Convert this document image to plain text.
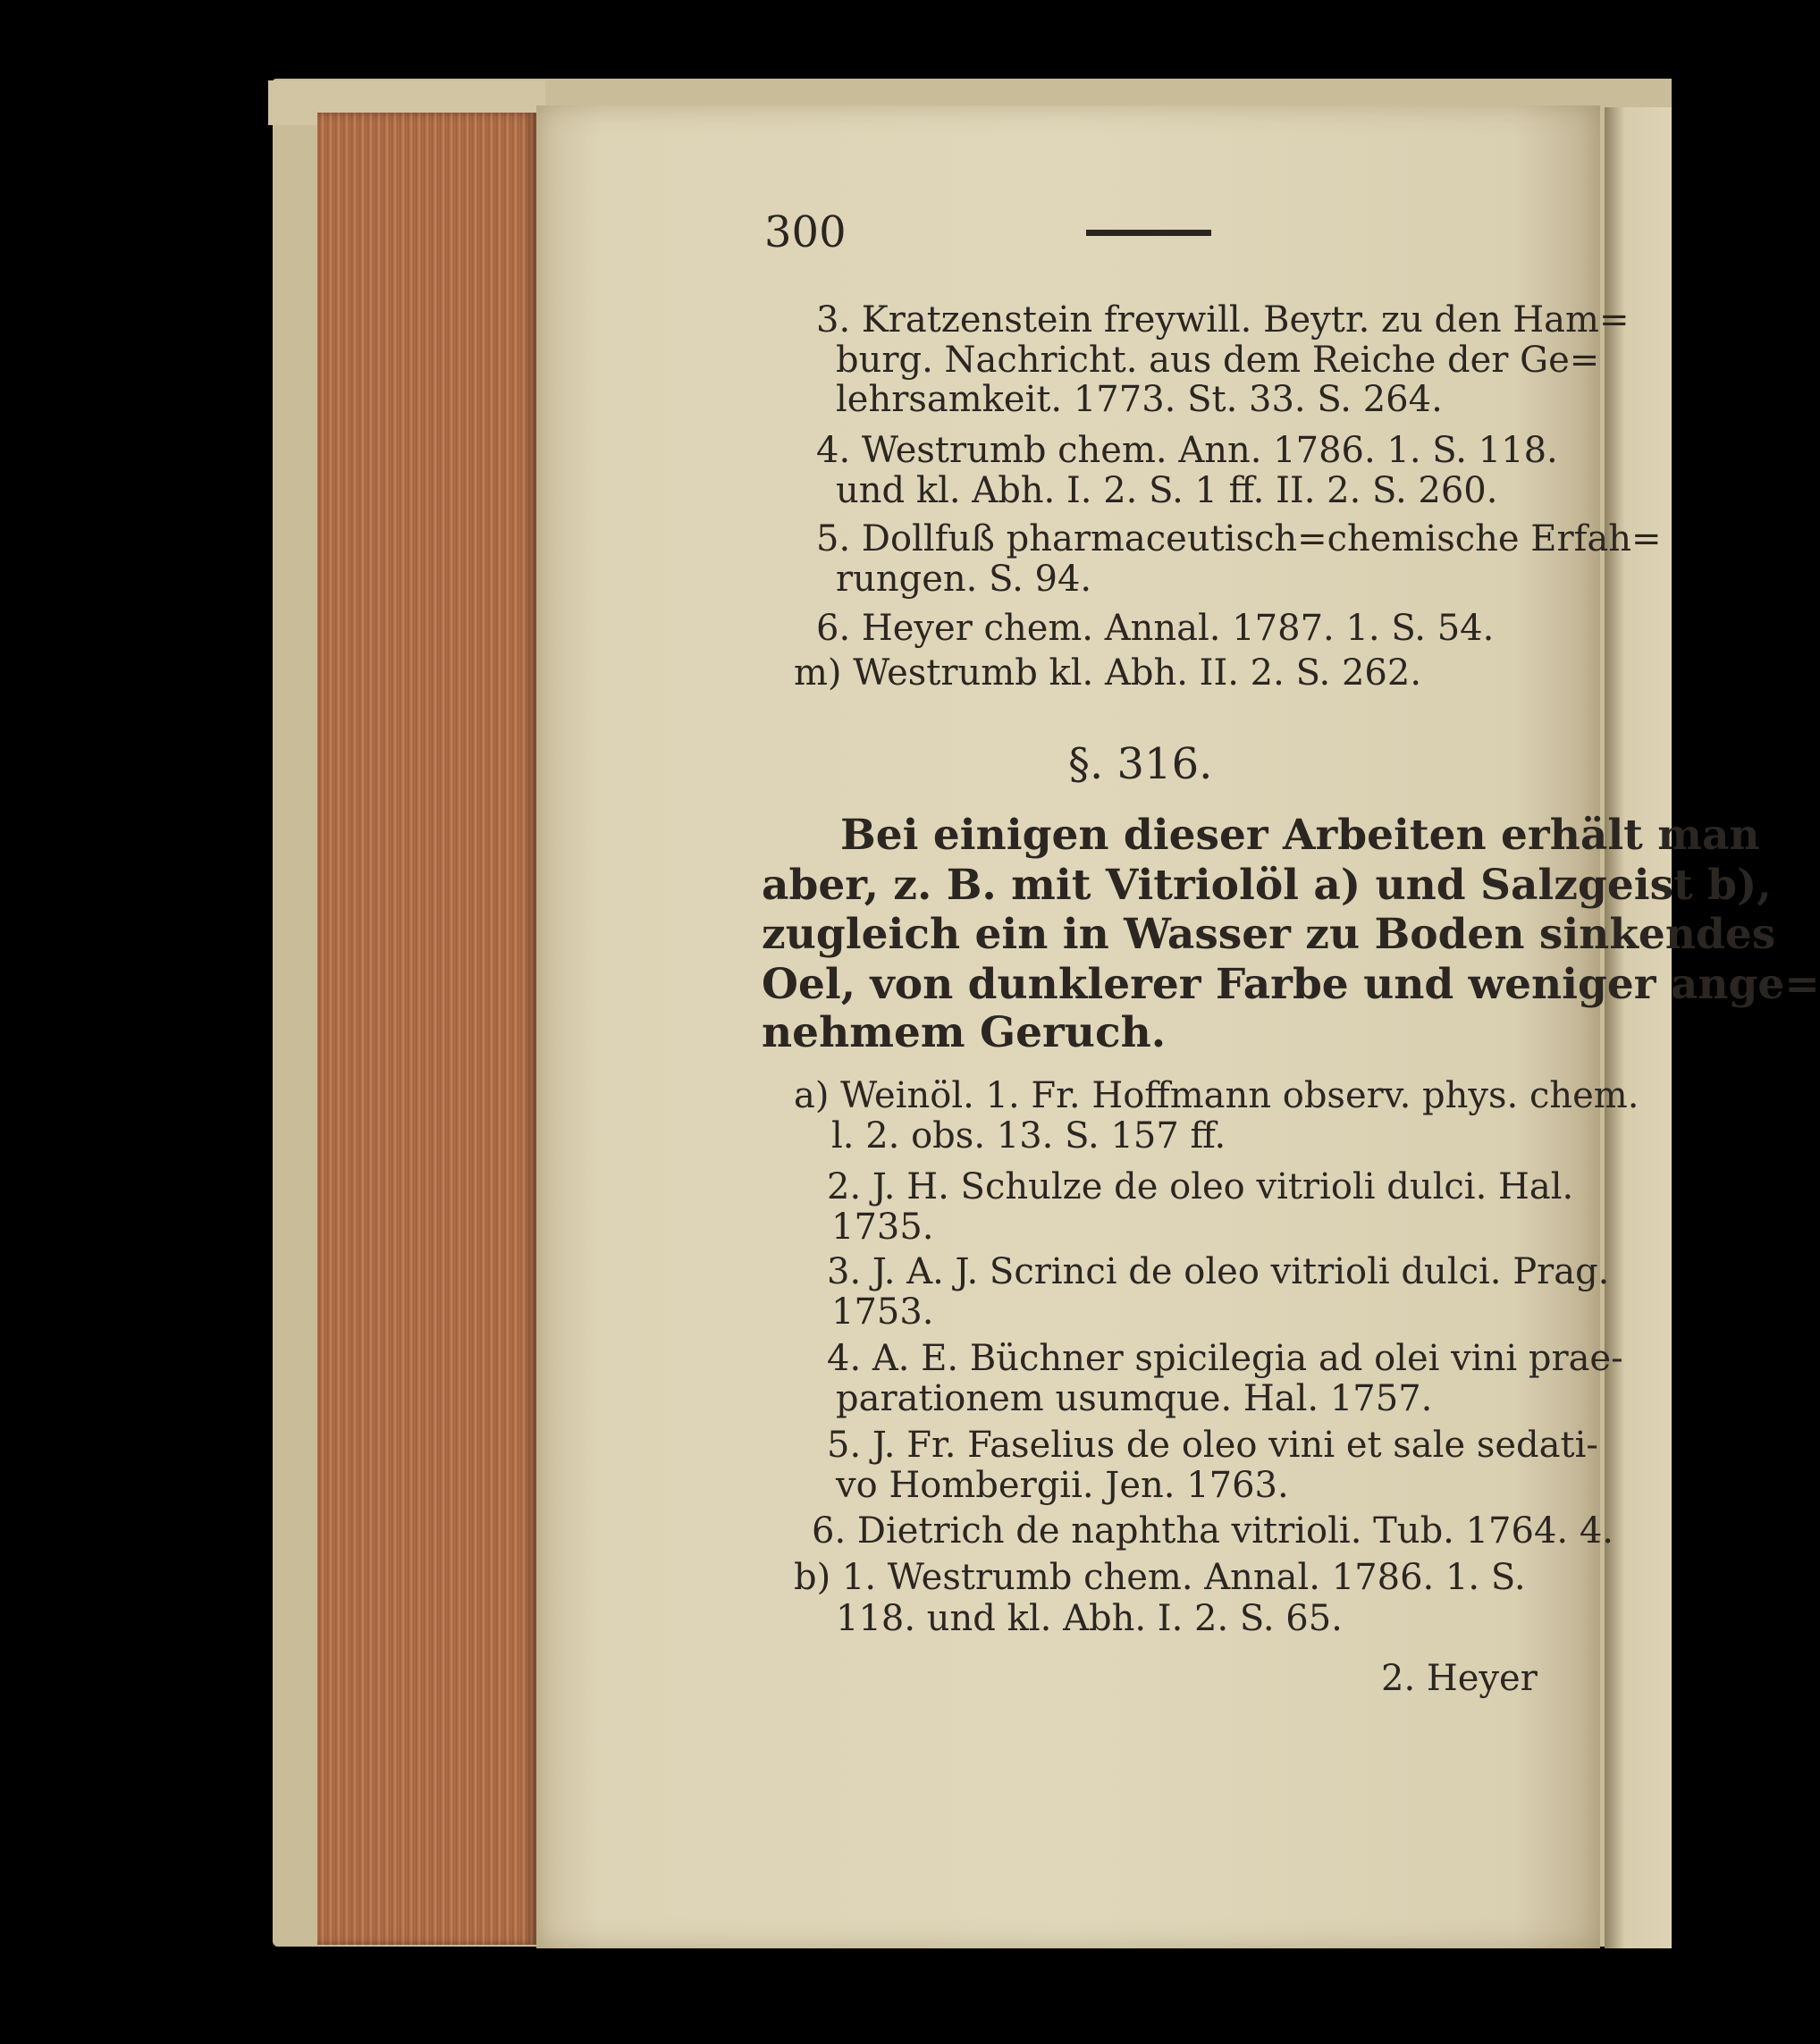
300
3. Kratzenstein freywill. Beytr. zu den Ham=
burg. Nachricht. aus dem Reiche der Ge=
lehrsamkeit. 1773. St. 33. S. 264.
4. Westrumb chem. Ann. 1786. 1. S. 118.
und kl. Abh. I. 2. S. 1 ff. II. 2. S. 260.
5. Dollfuß pharmaceutisch=chemische Erfah=
rungen. S. 94.
6. Heyer chem. Annal. 1787. 1. S. 54.
m) Westrumb kl. Abh. II. 2. S. 262.
§. 316.
Bei einigen dieser Arbeiten erhält man
aber, z. B. mit Vitriolöl a) und Salzgeist b),
zugleich ein in Wasser zu Boden sinkendes
Oel, von dunklerer Farbe und weniger ange=
nehmem Geruch.
a) Weinöl. 1. Fr. Hoffmann observ. phys. chem.
l. 2. obs. 13. S. 157 ff.
2. J. H. Schulze de oleo vitrioli dulci. Hal.
1735.
3. J. A. J. Scrinci de oleo vitrioli dulci. Prag.
1753.
4. A. E. Büchner spicilegia ad olei vini prae-
parationem usumque. Hal. 1757.
5. J. Fr. Faselius de oleo vini et sale sedati-
vo Hombergii. Jen. 1763.
6. Dietrich de naphtha vitrioli. Tub. 1764. 4.
b) 1. Westrumb chem. Annal. 1786. 1. S.
118. und kl. Abh. I. 2. S. 65.
2. Heyer
